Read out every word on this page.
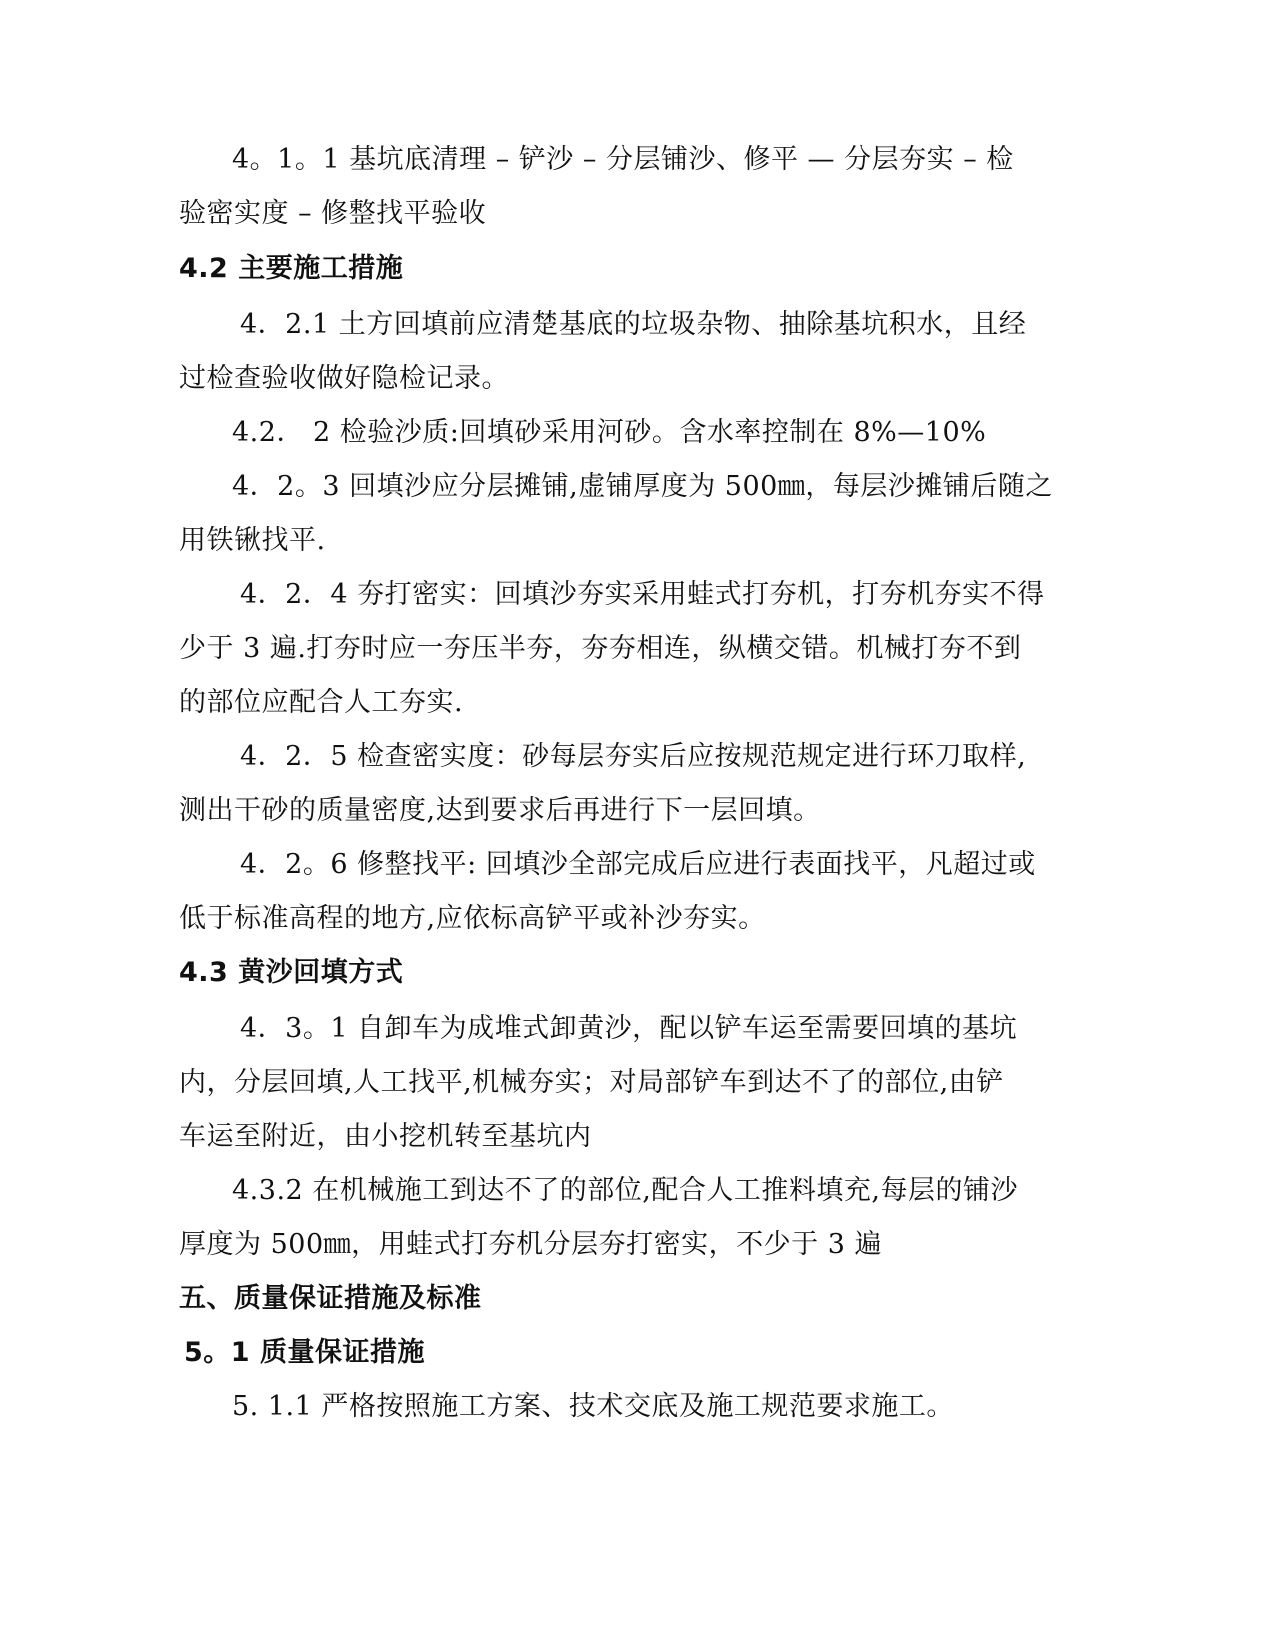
4。1。1 基坑底清理 – 铲沙 – 分层铺沙、修平 — 分层夯实 – 检
验密实度 – 修整找平验收
4.2 主要施工措施
4．2.1 土方回填前应清楚基底的垃圾杂物、抽除基坑积水，且经
过检查验收做好隐检记录。
4.2． 2 检验沙质:回填砂采用河砂。含水率控制在 8%—10%
4．2。3 回填沙应分层摊铺,虚铺厚度为 500㎜，每层沙摊铺后随之
用铁锹找平.
4．2．4 夯打密实：回填沙夯实采用蛙式打夯机，打夯机夯实不得
少于 3 遍.打夯时应一夯压半夯，夯夯相连，纵横交错。机械打夯不到
的部位应配合人工夯实.
4．2．5 检查密实度：砂每层夯实后应按规范规定进行环刀取样,
测出干砂的质量密度,达到要求后再进行下一层回填。
4．2。6 修整找平: 回填沙全部完成后应进行表面找平，凡超过或
低于标准高程的地方,应依标高铲平或补沙夯实。
4.3 黄沙回填方式
4．3。1 自卸车为成堆式卸黄沙，配以铲车运至需要回填的基坑
内，分层回填,人工找平,机械夯实；对局部铲车到达不了的部位,由铲
车运至附近，由小挖机转至基坑内
4.3.2 在机械施工到达不了的部位,配合人工推料填充,每层的铺沙
厚度为 500㎜，用蛙式打夯机分层夯打密实，不少于 3 遍
五、质量保证措施及标准
5。1 质量保证措施
5. 1.1 严格按照施工方案、技术交底及施工规范要求施工。
